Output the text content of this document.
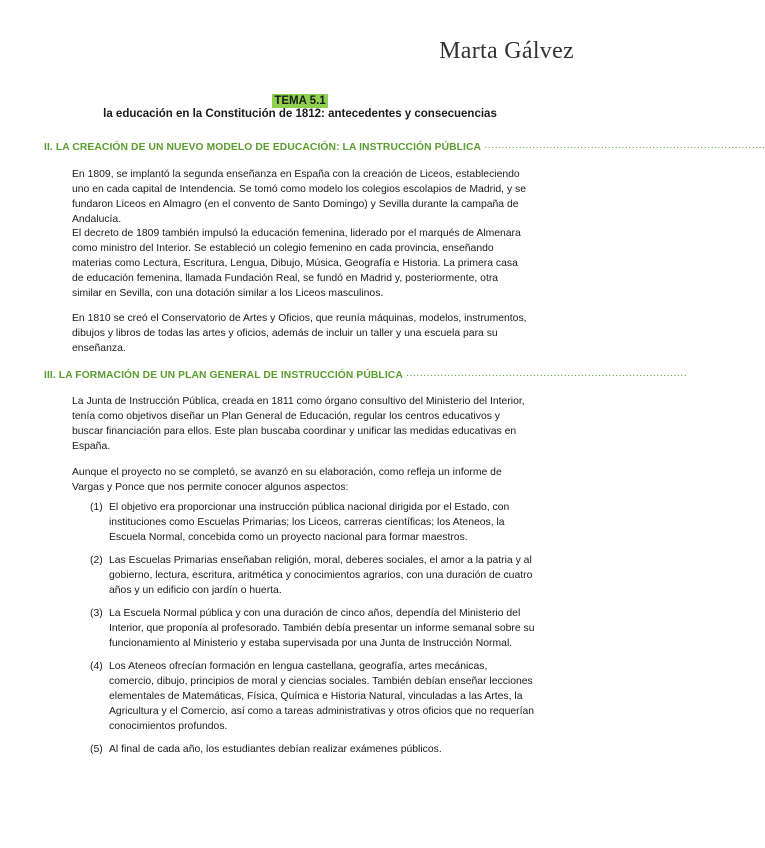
Marta Gálvez
TEMA 5.1
la educación en la Constitución de 1812: antecedentes y consecuencias
II. LA CREACIÓN DE UN NUEVO MODELO DE EDUCACIÓN: LA INSTRUCCIÓN PÚBLICA ··················································································

En 1809, se implantó la segunda enseñanza en España con la creación de Liceos, estableciendo uno en cada capital de Intendencia. Se tomó como modelo los colegios escolapios de Madrid, y se fundaron Liceos en Almagro (en el convento de Santo Domingo) y Sevilla durante la campaña de Andalucía.

El decreto de 1809 también impulsó la educación femenina, liderado por el marqués de Almenara como ministro del Interior. Se estableció un colegio femenino en cada provincia, enseñando materias como Lectura, Escritura, Lengua, Dibujo, Música, Geografía e Historia. La primera casa de educación femenina, llamada Fundación Real, se fundó en Madrid y, posteriormente, otra similar en Sevilla, con una dotación similar a los Liceos masculinos.

En 1810 se creó el Conservatorio de Artes y Oficios, que reunía máquinas, modelos, instrumentos, dibujos y libros de todas las artes y oficios, además de incluir un taller y una escuela para su enseñanza.

III. LA FORMACIÓN DE UN PLAN GENERAL DE INSTRUCCIÓN PÚBLICA ··················································································

La Junta de Instrucción Pública, creada en 1811 como órgano consultivo del Ministerio del Interior, tenía como objetivos diseñar un Plan General de Educación, regular los centros educativos y buscar financiación para ellos. Este plan buscaba coordinar y unificar las medidas educativas en España.

Aunque el proyecto no se completó, se avanzó en su elaboración, como refleja un informe de Vargas y Ponce que nos permite conocer algunos aspectos:

(1) El objetivo era proporcionar una instrucción pública nacional dirigida por el Estado, con instituciones como Escuelas Primarias; los Liceos, carreras científicas; los Ateneos, la Escuela Normal, concebida como un proyecto nacional para formar maestros.
(2) Las Escuelas Primarias enseñaban religión, moral, deberes sociales, el amor a la patria y al gobierno, lectura, escritura, aritmética y conocimientos agrarios, con una duración de cuatro años y un edificio con jardín o huerta.
(3) La Escuela Normal pública y con una duración de cinco años, dependía del Ministerio del Interior, que proponía al profesorado. También debía presentar un informe semanal sobre su funcionamiento al Ministerio y estaba supervisada por una Junta de Instrucción Normal.
(4) Los Ateneos ofrecían formación en lengua castellana, geografía, artes mecánicas, comercio, dibujo, principios de moral y ciencias sociales. También debían enseñar lecciones elementales de Matemáticas, Física, Química e Historia Natural, vinculadas a las Artes, la Agricultura y el Comercio, así como a tareas administrativas y otros oficios que no requerían conocimientos profundos.
(5) Al final de cada año, los estudiantes debían realizar exámenes públicos.
